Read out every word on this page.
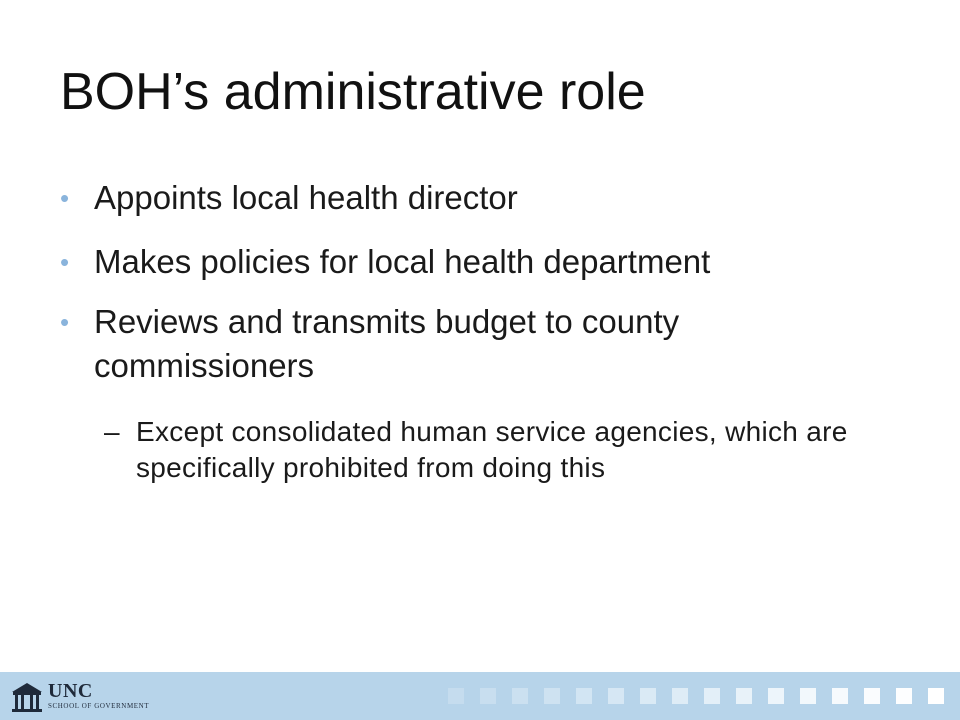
BOH’s administrative role
• Appoints local health director
• Makes policies for local health department
• Reviews and transmits budget to county commissioners
– Except consolidated human service agencies, which are specifically prohibited from doing this
UNC
SCHOOL OF GOVERNMENT
